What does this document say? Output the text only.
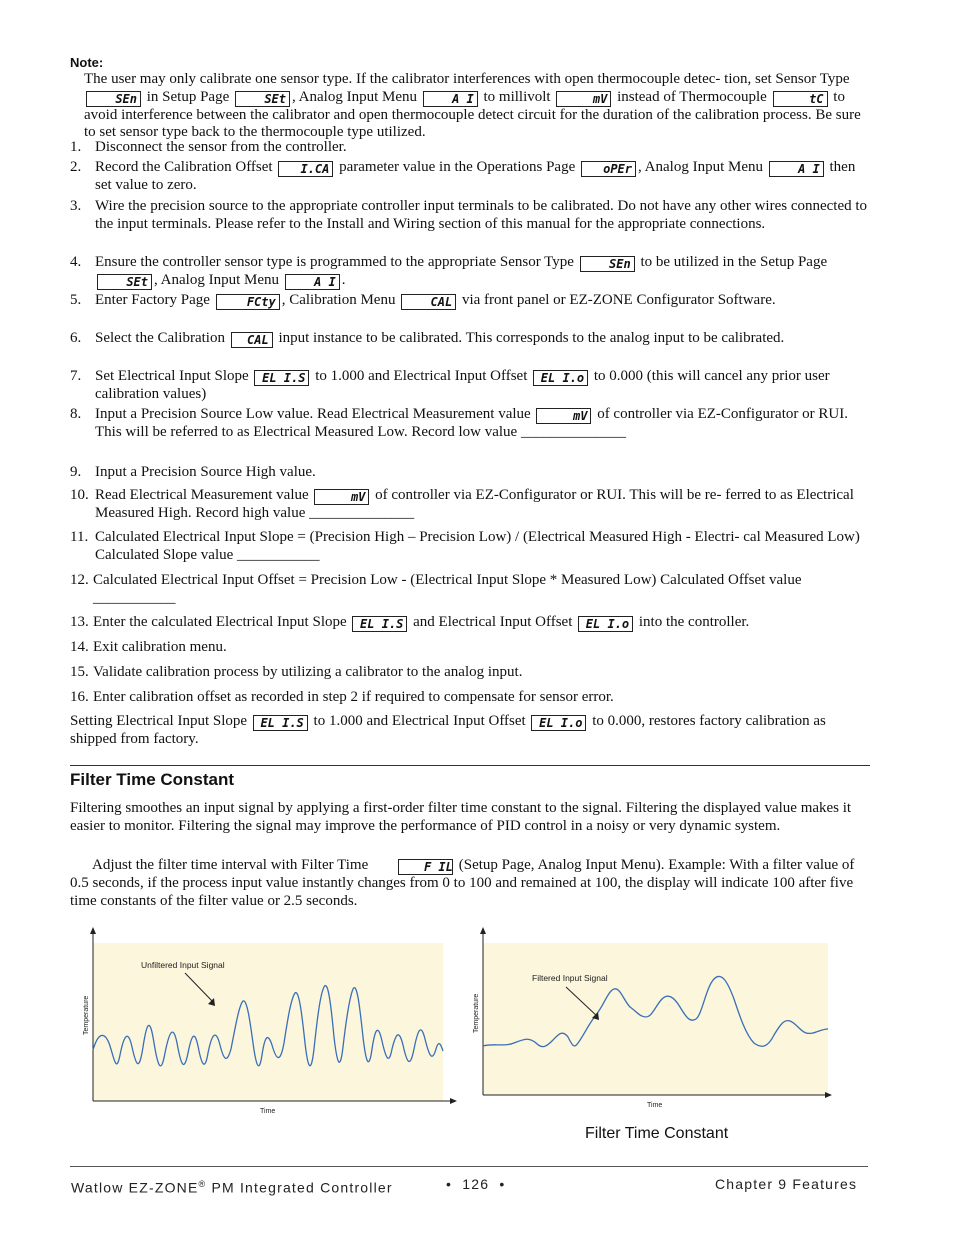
Note:
The user may only calibrate one sensor type. If the calibrator interferences with open thermocouple detec- tion, set Sensor Type SEn in Setup Page	SEt , Analog Input Menu	A I to millivolt	mV instead of Thermocouple	tC to avoid interference between the calibrator and open thermocouple detect circuit for the duration of the calibration process. Be sure to set sensor type back to the thermocouple type utilized.
1. Disconnect the sensor from the controller.
2. Record the Calibration Offset I.CA parameter value in the Operations Page oPEr , Analog Input Menu	A I then set value to zero.
3. Wire the precision source to the appropriate controller input terminals to be calibrated. Do not have any other wires connected to the input terminals. Please refer to the Install and Wiring section of this manual for the appropriate connections.
4. Ensure the controller sensor type is programmed to the appropriate Sensor Type	SEn to be utilized in the Setup Page SEt , Analog Input Menu	A I .
5. Enter Factory Page	FCty , Calibration Menu	CAL via front panel or EZ-ZONE Configurator Software.
6. Select the Calibration CAL input instance to be calibrated. This corresponds to the analog input to be calibrated.
7. Set Electrical Input Slope EL I.S to 1.000 and Electrical Input Offset EL I.o to 0.000 (this will cancel any prior user calibration values)
8. Input a Precision Source Low value. Read Electrical Measurement value	mV of controller via EZ-Configurator or RUI. This will be referred to as Electrical Measured Low. Record low value ______________
9. Input a Precision Source High value.
10. Read Electrical Measurement value	mV of controller via EZ-Configurator or RUI. This will be re- ferred to as Electrical Measured High. Record high value ______________
11. Calculated Electrical Input Slope = (Precision High – Precision Low) / (Electrical Measured High - Electri- cal Measured Low) Calculated Slope value ___________
12. Calculated Electrical Input Offset = Precision Low - (Electrical Input Slope * Measured Low) Calculated Offset value ___________
13. Enter the calculated Electrical Input Slope EL I.S and Electrical Input Offset EL I.o into the controller.
14. Exit calibration menu.
15. Validate calibration process by utilizing a calibrator to the analog input.
16. Enter calibration offset as recorded in step 2 if required to compensate for sensor error.
Setting Electrical Input Slope EL I.S to 1.000 and Electrical Input Offset EL I.o to 0.000, restores factory calibration as shipped from factory.
Filter Time Constant
Filtering smoothes an input signal by applying a first-order filter time constant to the signal. Filtering the displayed value makes it easier to monitor. Filtering the signal may improve the performance of PID control in a noisy or very dynamic system.
Adjust the filter time interval with Filter Time	F IL (Setup Page, Analog Input Menu). Example: With a filter value of 0.5 seconds, if the process input value instantly changes from 0 to 100 and remained at 100, the display will indicate 100 after five time constants of the filter value or 2.5 seconds.
Unfiltered Input Signal
Time
Temperature
Filtered Input Signal
Time
Temperature
Filter Time Constant
Watlow EZ-ZONE® PM Integrated Controller	•  126  •	Chapter 9 Features
